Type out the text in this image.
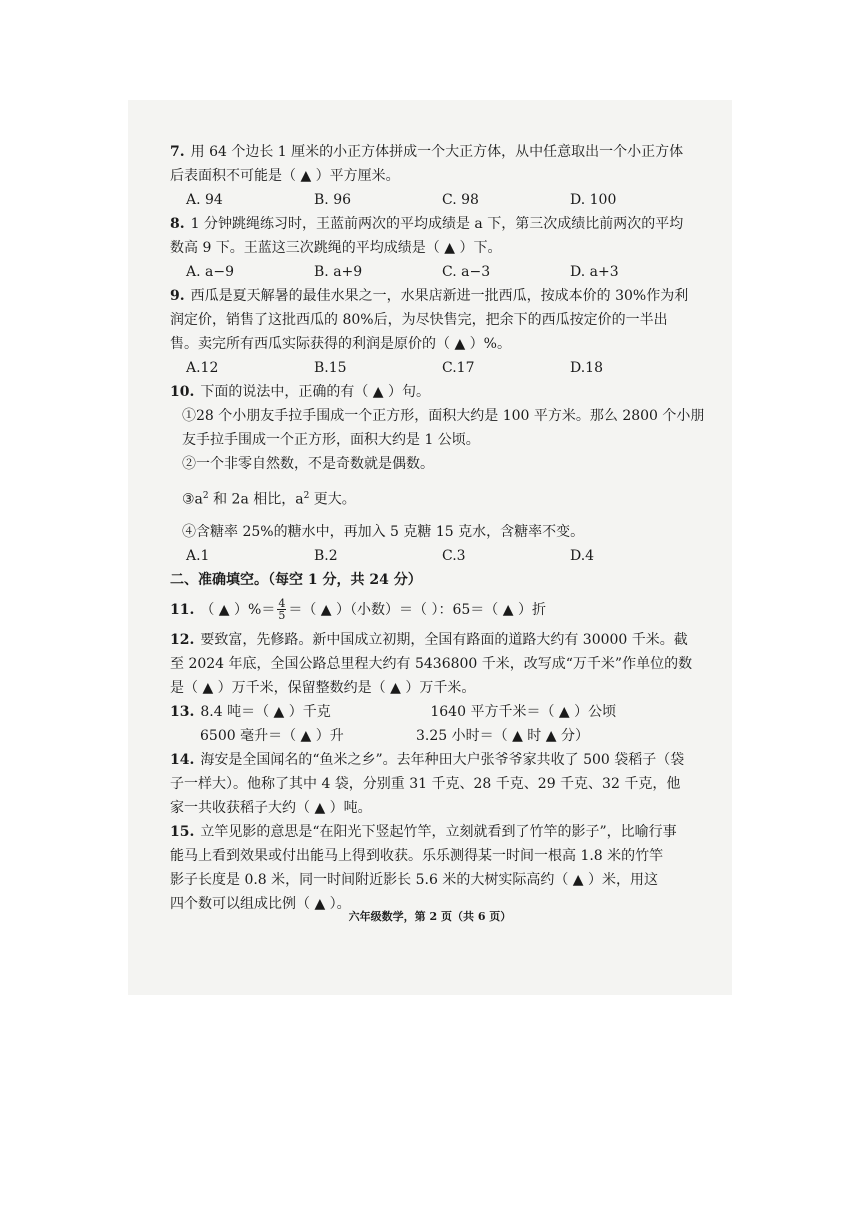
7. 用 64 个边长 1 厘米的小正方体拼成一个大正方体，从中任意取出一个小正方体
后表面积不可能是（ ▲ ）平方厘米。
A. 94	B. 96	C. 98	D. 100
8. 1 分钟跳绳练习时，王蓝前两次的平均成绩是 a 下，第三次成绩比前两次的平均
数高 9 下。王蓝这三次跳绳的平均成绩是（ ▲ ）下。
A. a−9	B. a+9	C. a−3	D. a+3
9. 西瓜是夏天解暑的最佳水果之一，水果店新进一批西瓜，按成本价的 30%作为利
润定价，销售了这批西瓜的 80%后，为尽快售完，把余下的西瓜按定价的一半出
售。卖完所有西瓜实际获得的利润是原价的（ ▲ ）%。
A.12	B.15	C.17	D.18
10. 下面的说法中，正确的有（ ▲ ）句。
①28 个小朋友手拉手围成一个正方形，面积大约是 100 平方米。那么 2800 个小朋
友手拉手围成一个正方形，面积大约是 1 公顷。
②一个非零自然数，不是奇数就是偶数。
$③a^2$ 和 2a 相比，$a^2$ 更大。
④含糖率 25%的糖水中，再加入 5 克糖 15 克水，含糖率不变。
A.1	B.2	C.3	D.4
二、准确填空。（每空 1 分，共 24 分）
11. （ ▲ ）%＝ $\frac{4}{5}$ ＝（ ▲ ）（小数）＝（ ）：65＝（ ▲ ）折
12. 要致富，先修路。新中国成立初期，全国有路面的道路大约有 30000 千米。截
至 2024 年底，全国公路总里程大约有 5436800 千米，改写成“万千米”作单位的数
是（ ▲ ）万千米，保留整数约是（ ▲ ）万千米。
13. 8.4 吨＝（ ▲ ）千克	1640 平方千米＝（ ▲ ）公顷
6500 毫升＝（ ▲ ）升	3.25 小时＝（ ▲ 时 ▲ 分）
14. 海安是全国闻名的“鱼米之乡”。去年种田大户张爷爷家共收了 500 袋稻子（袋
子一样大）。他称了其中 4 袋，分别重 31 千克、28 千克、29 千克、32 千克，他
家一共收获稻子大约（ ▲ ）吨。
15. 立竿见影的意思是“在阳光下竖起竹竿，立刻就看到了竹竿的影子”，比喻行事
能马上看到效果或付出能马上得到收获。乐乐测得某一时间一根高 1.8 米的竹竿
影子长度是 0.8 米，同一时间附近影长 5.6 米的大树实际高约（ ▲ ）米，用这
四个数可以组成比例（ ▲ ）。
六年级数学，第 2 页（共 6 页）
